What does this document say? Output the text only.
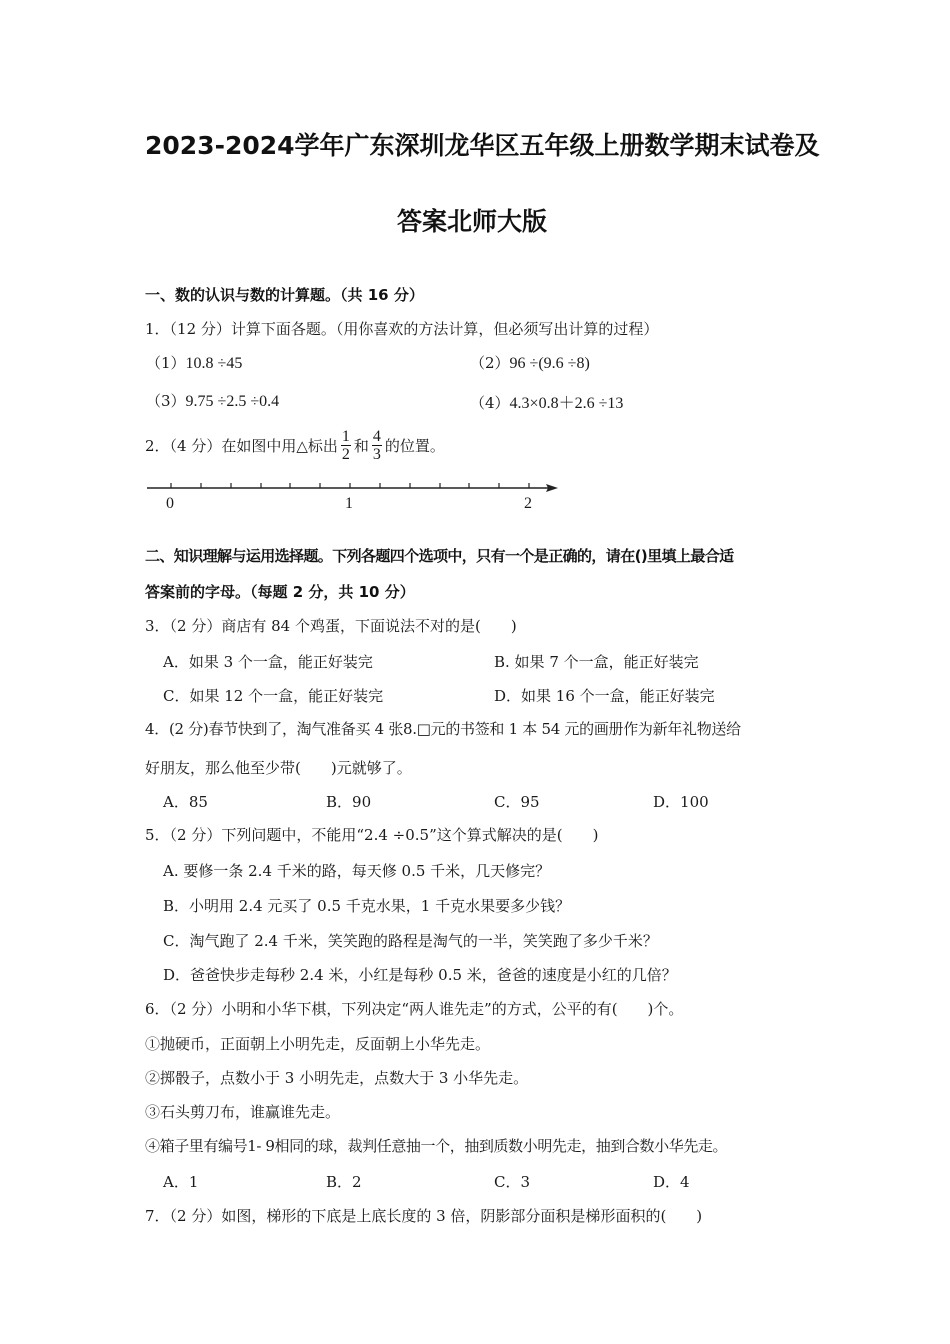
2023-2024学年广东深圳龙华区五年级上册数学期末试卷及
答案北师大版
一、数的认识与数的计算题。（共 16 分）
1．（12 分）计算下面各题。（用你喜欢的方法计算，但必须写出计算的过程）
（1）10.8 ÷45	（2）96 ÷(9.6 ÷8)
（3）9.75 ÷2.5 ÷0.4	（4）4.3×0.8＋2.6 ÷13
2．（4 分）在如图中用△标出 $\frac{1}{2}$ 和 $\frac{4}{3}$ 的位置。
0	1	2
二、知识理解与运用选择题。下列各题四个选项中，只有一个是正确的，请在()里填上最合适
答案前的字母。（每题 2 分，共 10 分）
3．（2 分）商店有 84 个鸡蛋，下面说法不对的是(　　)
A．如果 3 个一盒，能正好装完	B. 如果 7 个一盒，能正好装完
C．如果 12 个一盒，能正好装完	D．如果 16 个一盒，能正好装完
4．(2 分)春节快到了，淘气准备买 4 张8.□元的书签和 1 本 54 元的画册作为新年礼物送给
好朋友，那么他至少带(　　)元就够了。
A．85	B．90	C．95	D．100
5．（2 分）下列问题中，不能用“2.4 ÷0.5”这个算式解决的是(　　)
A. 要修一条 2.4 千米的路，每天修 0.5 千米，几天修完？
B．小明用 2.4 元买了 0.5 千克水果，1 千克水果要多少钱？
C．淘气跑了 2.4 千米，笑笑跑的路程是淘气的一半，笑笑跑了多少千米？
D．爸爸快步走每秒 2.4 米，小红是每秒 0.5 米，爸爸的速度是小红的几倍？
6．（2 分）小明和小华下棋，下列决定“两人谁先走”的方式，公平的有(　　)个。
①抛硬币，正面朝上小明先走，反面朝上小华先走。
②掷骰子，点数小于 3 小明先走，点数大于 3 小华先走。
③石头剪刀布，谁赢谁先走。
④箱子里有编号1- 9相同的球，裁判任意抽一个，抽到质数小明先走，抽到合数小华先走。
A．1	B．2	C．3	D．4
7．（2 分）如图，梯形的下底是上底长度的 3 倍，阴影部分面积是梯形面积的(　　)
